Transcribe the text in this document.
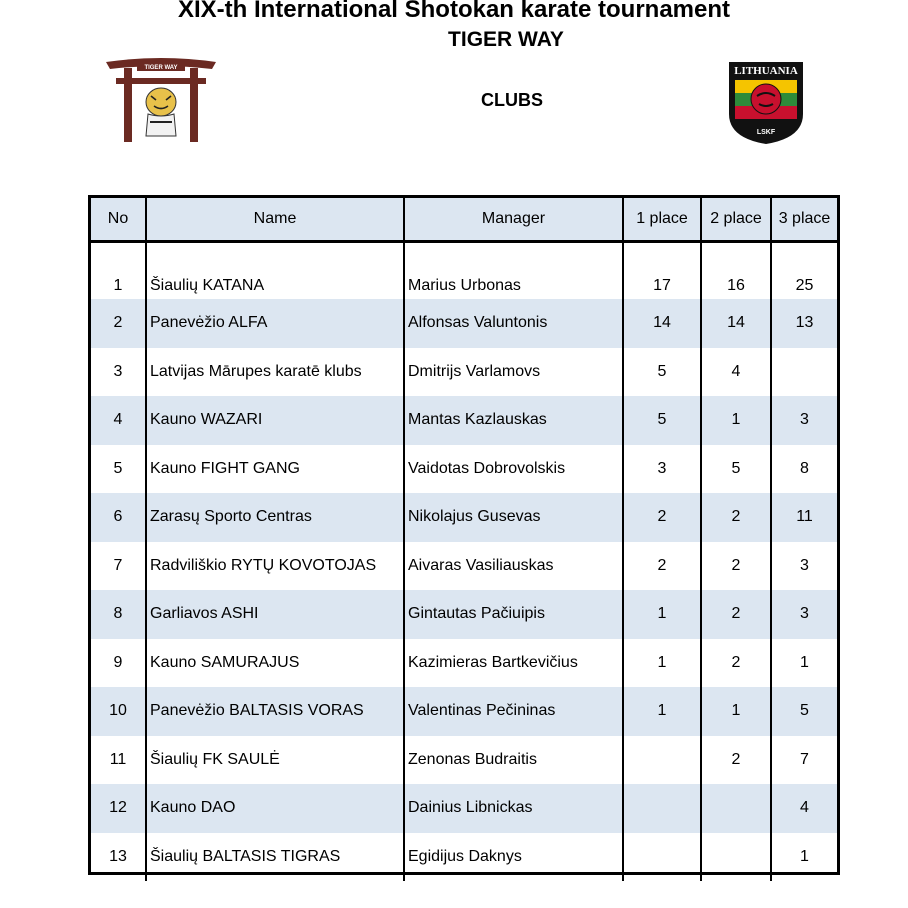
XIX-th International Shotokan karate tournament
TIGER WAY
CLUBS
TIGER WAY	LITHUANIA
LSKF
No	Name	Manager	1 place	2 place	3 place
1	Šiaulių KATANA	Marius Urbonas	17	16	25
2	Panevėžio ALFA	Alfonsas Valuntonis	14	14	13
3	Latvijas Mārupes karatē klubs	Dmitrijs Varlamovs	5	4	
4	Kauno WAZARI	Mantas Kazlauskas	5	1	3
5	Kauno FIGHT GANG	Vaidotas Dobrovolskis	3	5	8
6	Zarasų Sporto Centras	Nikolajus Gusevas	2	2	11
7	Radviliškio RYTŲ KOVOTOJAS	Aivaras Vasiliauskas	2	2	3
8	Garliavos ASHI	Gintautas Pačiuipis	1	2	3
9	Kauno SAMURAJUS	Kazimieras Bartkevičius	1	2	1
10	Panevėžio BALTASIS VORAS	Valentinas Pečininas	1	1	5
11	Šiaulių FK SAULĖ	Zenonas Budraitis		2	7
12	Kauno DAO	Dainius Libnickas			4
13	Šiaulių BALTASIS TIGRAS	Egidijus Daknys			1
